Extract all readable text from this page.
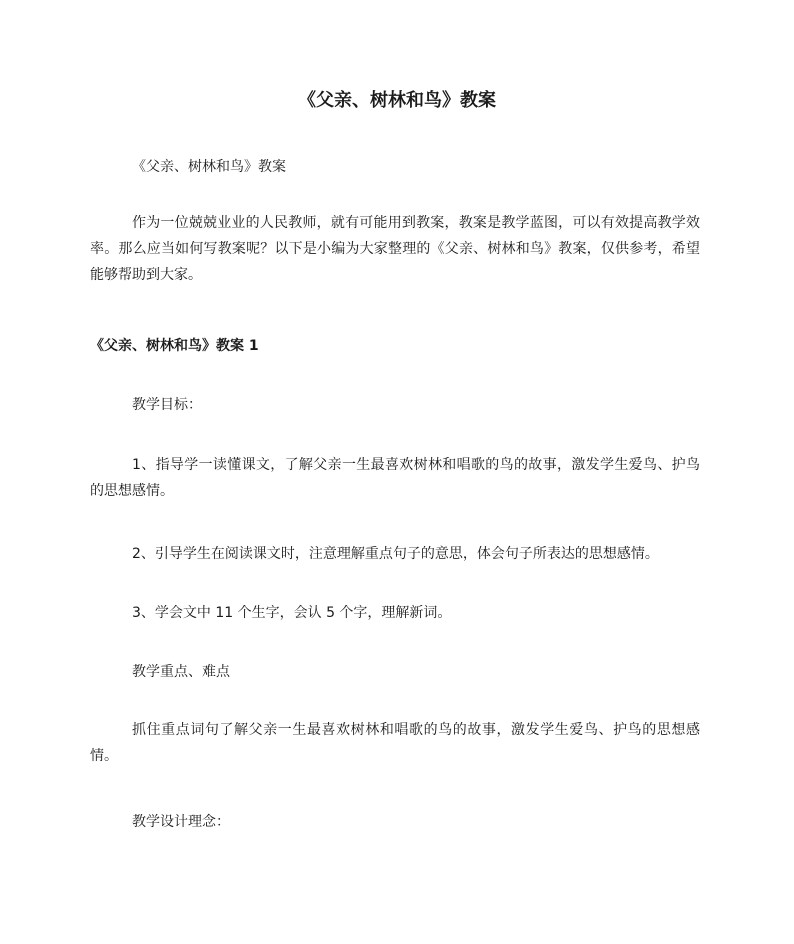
《父亲、树林和鸟》教案

《父亲、树林和鸟》教案

作为一位兢兢业业的人民教师，就有可能用到教案，教案是教学蓝图，可以有效提高教学效率。那么应当如何写教案呢？以下是小编为大家整理的《父亲、树林和鸟》教案，仅供参考，希望能够帮助到大家。

《父亲、树林和鸟》教案 1

教学目标：

1、指导学一读懂课文，了解父亲一生最喜欢树林和唱歌的鸟的故事，激发学生爱鸟、护鸟的思想感情。

2、引导学生在阅读课文时，注意理解重点句子的意思，体会句子所表达的思想感情。

3、学会文中 11 个生字，会认 5 个字，理解新词。

教学重点、难点

抓住重点词句了解父亲一生最喜欢树林和唱歌的鸟的故事，激发学生爱鸟、护鸟的思想感情。

教学设计理念：
